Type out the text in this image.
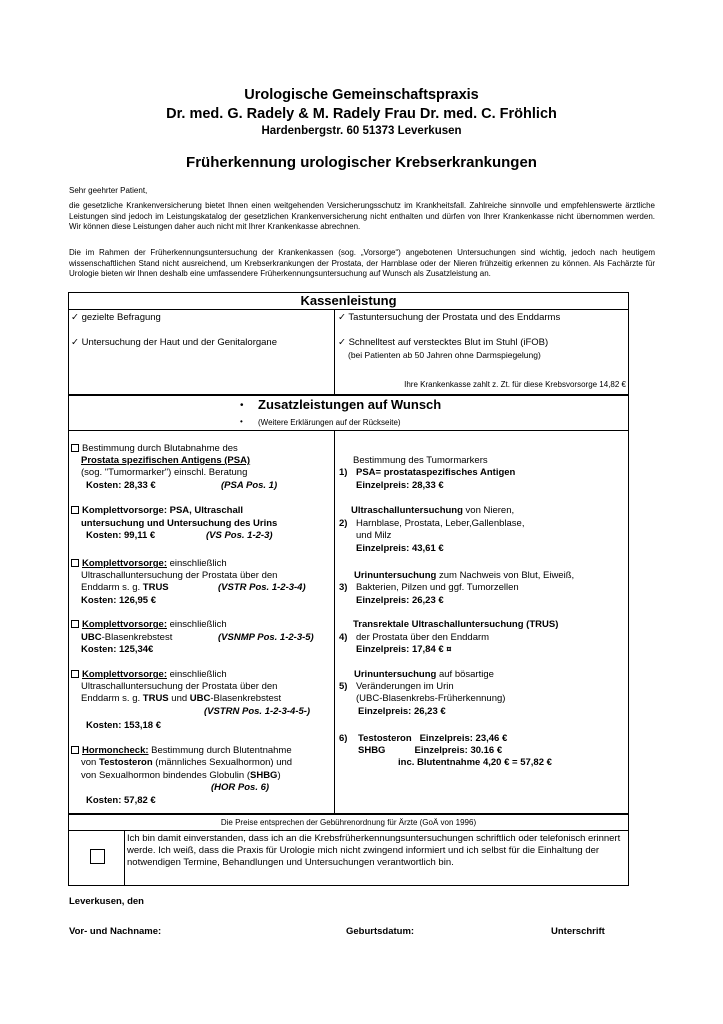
Urologische Gemeinschaftspraxis
Dr. med. G. Radely & M. Radely Frau Dr. med. C. Fröhlich
Hardenbergstr. 60 51373 Leverkusen
Früherkennung urologischer Krebserkrankungen
Sehr geehrter Patient,
die gesetzliche Krankenversicherung bietet Ihnen einen weitgehenden Versicherungsschutz im Krankheitsfall. Zahlreiche sinnvolle und empfehlenswerte ärztliche Leistungen sind jedoch im Leistungskatalog der gesetzlichen Krankenversicherung nicht enthalten und dürfen von Ihrer Krankenkasse nicht übernommen werden. Wir können diese Leistungen daher auch nicht mit Ihrer Krankenkasse abrechnen.
Die im Rahmen der Früherkennungsuntersuchung der Krankenkassen (sog. „Vorsorge“) angebotenen Untersuchungen sind wichtig, jedoch nach heutigem wissenschaftlichen Stand nicht ausreichend, um Krebserkrankungen der Prostata, der Harnblase oder der Nieren frühzeitig erkennen zu können. Als Fachärzte für Urologie bieten wir Ihnen deshalb eine umfassendere Früherkennungsuntersuchung auf Wunsch als Zusatzleistung an.
Kassenleistung
✓ gezielte Befragung
✓ Untersuchung der Haut und der Genitalorgane
✓ Tastuntersuchung der Prostata und des Enddarms
✓ Schnelltest auf verstecktes Blut im Stuhl (iFOB)
(bei Patienten ab 50 Jahren ohne Darmspiegelung)
Ihre Krankenkasse zahlt z. Zt. für diese Krebsvorsorge 14,82 €
• Zusatzleistungen auf Wunsch
• (Weitere Erklärungen auf der Rückseite)
Bestimmung durch Blutabnahme des
Prostata spezifischen Antigens (PSA)
(sog. "Tumormarker") einschl. Beratung
Kosten: 28,33 €	(PSA Pos. 1)
Komplettvorsorge: PSA, Ultraschall
untersuchung und Untersuchung des Urins
Kosten: 99,11 €	(VS Pos. 1-2-3)
Komplettvorsorge: einschließlich
Ultraschalluntersuchung der Prostata über den
Enddarm s. g. TRUS	(VSTR Pos. 1-2-3-4)
Kosten: 126,95 €
Komplettvorsorge: einschließlich
UBC-Blasenkrebstest	(VSNMP Pos. 1-2-3-5)
Kosten: 125,34€
Komplettvorsorge: einschließlich
Ultraschalluntersuchung der Prostata über den
Enddarm s. g. TRUS und UBC-Blasenkrebstest
(VSTRN Pos. 1-2-3-4-5-)
Kosten: 153,18 €
Hormoncheck: Bestimmung durch Blutentnahme
von Testosteron (männliches Sexualhormon) und
von Sexualhormon bindendes Globulin (SHBG)
(HOR Pos. 6)
Kosten: 57,82 €
Bestimmung des Tumormarkers
1) PSA= prostataspezifisches Antigen
Einzelpreis: 28,33 €
Ultraschalluntersuchung von Nieren,
2) Harnblase, Prostata, Leber,Gallenblase,
und Milz
Einzelpreis: 43,61 €
Urinuntersuchung zum Nachweis von Blut, Eiweiß,
3) Bakterien, Pilzen und ggf. Tumorzellen
Einzelpreis: 26,23 €
Transrektale Ultraschalluntersuchung (TRUS)
4) der Prostata über den Enddarm
Einzelpreis: 17,84 € ¤
Urinuntersuchung auf bösartige
5) Veränderungen im Urin
(UBC-Blasenkrebs-Früherkennung)
Einzelpreis: 26,23 €
6) Testosteron   Einzelpreis: 23,46 €
SHBG           Einzelpreis: 30.16 €
inc. Blutentnahme 4,20 € = 57,82 €
Die Preise entsprechen der Gebührenordnung für Ärzte (GoÄ von 1996)
Ich bin damit einverstanden, dass ich an die Krebsfrüherkennungsuntersuchungen schriftlich oder telefonisch erinnert werde. Ich weiß, dass die Praxis für Urologie mich nicht zwingend informiert und ich selbst für die Einhaltung der notwendigen Termine, Behandlungen und Untersuchungen verantwortlich bin.
Leverkusen, den
Vor- und Nachname:	Geburtsdatum:	Unterschrift
